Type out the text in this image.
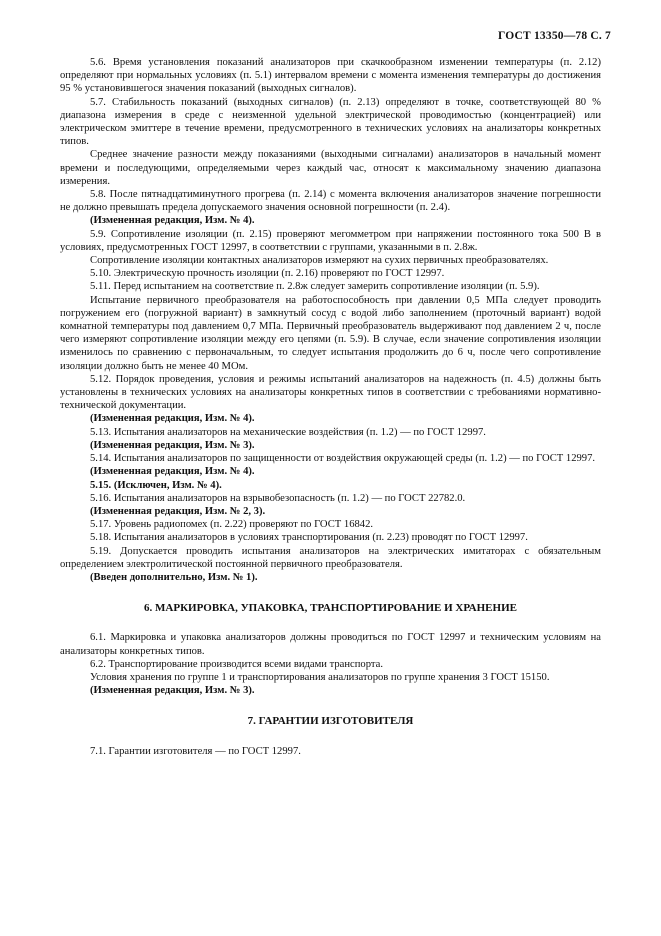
ГОСТ 13350—78 С. 7

5.6. Время установления показаний анализаторов при скачкообразном изменении температуры (п. 2.12) определяют при нормальных условиях (п. 5.1) интервалом времени с момента изменения температуры до достижения 95 % установившегося значения показаний (выходных сигналов).

5.7. Стабильность показаний (выходных сигналов) (п. 2.13) определяют в точке, соответствующей 80 % диапазона измерения в среде с неизменной удельной электрической проводимостью (концентрацией) или электрическом эмиттере в течение времени, предусмотренного в технических условиях на анализаторы конкретных типов.

Среднее значение разности между показаниями (выходными сигналами) анализаторов в начальный момент времени и последующими, определяемыми через каждый час, относят к максимальному значению диапазона измерения.

5.8. После пятнадцатиминутного прогрева (п. 2.14) с момента включения анализаторов значение погрешности не должно превышать предела допускаемого значения основной погрешности (п. 2.4).

(Измененная редакция, Изм. № 4).

5.9. Сопротивление изоляции (п. 2.15) проверяют мегомметром при напряжении постоянного тока 500 В в условиях, предусмотренных ГОСТ 12997, в соответствии с группами, указанными в п. 2.8ж.

Сопротивление изоляции контактных анализаторов измеряют на сухих первичных преобразователях.

5.10. Электрическую прочность изоляции (п. 2.16) проверяют по ГОСТ 12997.

5.11. Перед испытанием на соответствие п. 2.8ж следует замерить сопротивление изоляции (п. 5.9).

Испытание первичного преобразователя на работоспособность при давлении 0,5 МПа следует проводить погружением его (погружной вариант) в замкнутый сосуд с водой либо заполнением (проточный вариант) водой комнатной температуры под давлением 0,7 МПа. Первичный преобразователь выдерживают под давлением 2 ч, после чего измеряют сопротивление изоляции между его цепями (п. 5.9). В случае, если значение сопротивления изоляции изменилось по сравнению с первоначальным, то следует испытания продолжить до 6 ч, после чего сопротивление изоляции должно быть не менее 40 МОм.

5.12. Порядок проведения, условия и режимы испытаний анализаторов на надежность (п. 4.5) должны быть установлены в технических условиях на анализаторы конкретных типов в соответствии с требованиями нормативно-технической документации.

(Измененная редакция, Изм. № 4).

5.13. Испытания анализаторов на механические воздействия (п. 1.2) — по ГОСТ 12997.

(Измененная редакция, Изм. № 3).

5.14. Испытания анализаторов по защищенности от воздействия окружающей среды (п. 1.2) — по ГОСТ 12997.

(Измененная редакция, Изм. № 4).

5.15. (Исключен, Изм. № 4).

5.16. Испытания анализаторов на взрывобезопасность (п. 1.2) — по ГОСТ 22782.0.

(Измененная редакция, Изм. № 2, 3).

5.17. Уровень радиопомех (п. 2.22) проверяют по ГОСТ 16842.

5.18. Испытания анализаторов в условиях транспортирования (п. 2.23) проводят по ГОСТ 12997.

5.19. Допускается проводить испытания анализаторов на электрических имитаторах с обязательным определением электролитической постоянной первичного преобразователя.

(Введен дополнительно, Изм. № 1).

6. МАРКИРОВКА, УПАКОВКА, ТРАНСПОРТИРОВАНИЕ И ХРАНЕНИЕ

6.1. Маркировка и упаковка анализаторов должны проводиться по ГОСТ 12997 и техническим условиям на анализаторы конкретных типов.

6.2. Транспортирование производится всеми видами транспорта.

Условия хранения по группе 1 и транспортирования анализаторов по группе хранения 3 ГОСТ 15150.

(Измененная редакция, Изм. № 3).

7. ГАРАНТИИ ИЗГОТОВИТЕЛЯ

7.1. Гарантии изготовителя — по ГОСТ 12997.
